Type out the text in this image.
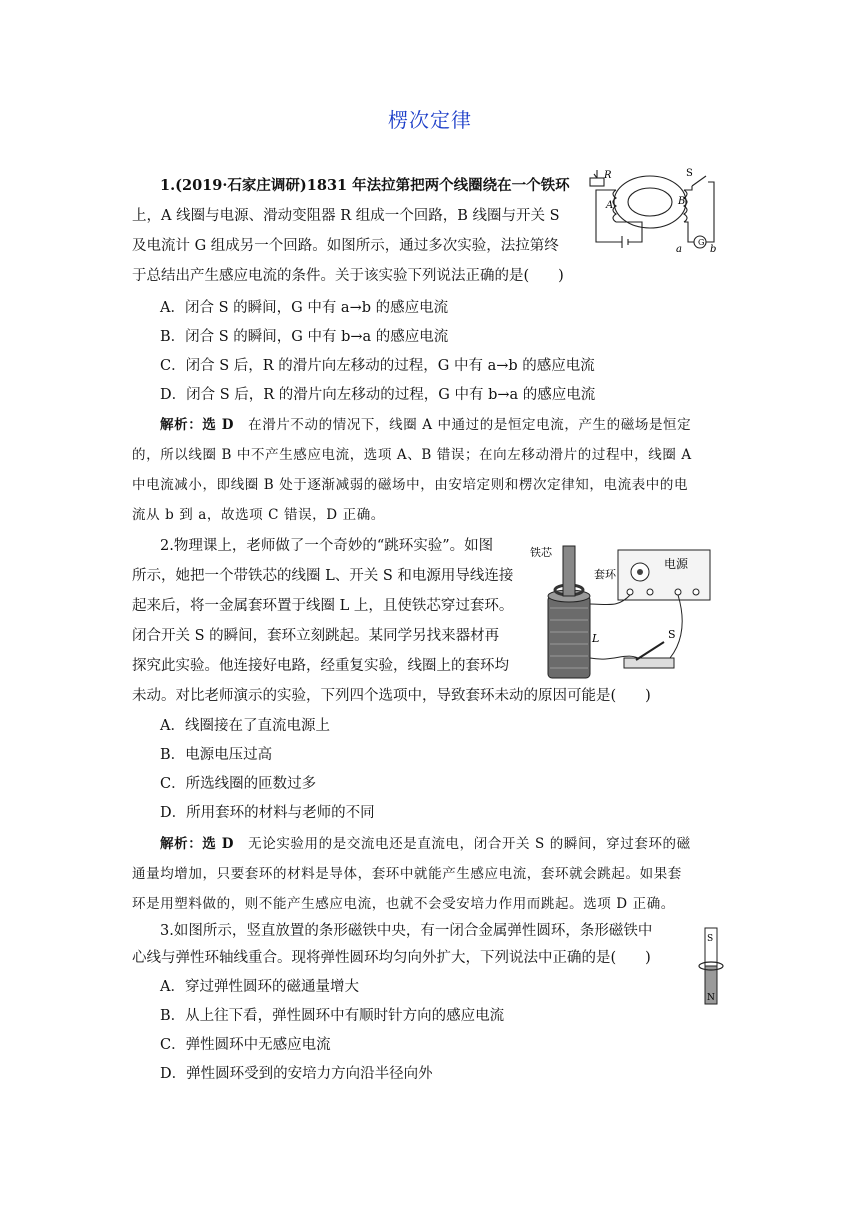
楞次定律
1.(2019·石家庄调研)1831 年法拉第把两个线圈绕在一个铁环
上，A 线圈与电源、滑动变阻器 R 组成一个回路，B 线圈与开关 S
及电流计 G 组成另一个回路。如图所示，通过多次实验，法拉第终
于总结出产生感应电流的条件。关于该实验下列说法正确的是(　　)
A．闭合 S 的瞬间，G 中有 a→b 的感应电流
B．闭合 S 的瞬间，G 中有 b→a 的感应电流
C．闭合 S 后，R 的滑片向左移动的过程，G 中有 a→b 的感应电流
D．闭合 S 后，R 的滑片向左移动的过程，G 中有 b→a 的感应电流
解析：选 D　 在滑片不动的情况下，线圈 A 中通过的是恒定电流，产生的磁场是恒定
的，所以线圈 B 中不产生感应电流，选项 A、B 错误；在向左移动滑片的过程中，线圈 A
中电流减小，即线圈 B 处于逐渐减弱的磁场中，由安培定则和楞次定律知，电流表中的电
流从 b 到 a，故选项 C 错误，D 正确。
R	S
A	B
G
a	b
2.物理课上，老师做了一个奇妙的“跳环实验”。如图
所示，她把一个带铁芯的线圈 L、开关 S 和电源用导线连接
起来后，将一金属套环置于线圈 L 上，且使铁芯穿过套环。
闭合开关 S 的瞬间，套环立刻跳起。某同学另找来器材再
探究此实验。他连接好电路，经重复实验，线圈上的套环均
未动。对比老师演示的实验，下列四个选项中，导致套环未动的原因可能是(　　)
A．线圈接在了直流电源上
B．电源电压过高
C．所选线圈的匝数过多
D．所用套环的材料与老师的不同
解析：选 D　 无论实验用的是交流电还是直流电，闭合开关 S 的瞬间，穿过套环的磁
通量均增加，只要套环的材料是导体，套环中就能产生感应电流，套环就会跳起。如果套
环是用塑料做的，则不能产生感应电流，也就不会受安培力作用而跳起。选项 D 正确。
铁芯
套环
电源
L	S
3.如图所示，竖直放置的条形磁铁中央，有一闭合金属弹性圆环，条形磁铁中
心线与弹性环轴线重合。现将弹性圆环均匀向外扩大，下列说法中正确的是(　　)
A．穿过弹性圆环的磁通量增大
B．从上往下看，弹性圆环中有顺时针方向的感应电流
C．弹性圆环中无感应电流
D．弹性圆环受到的安培力方向沿半径向外
S
N
